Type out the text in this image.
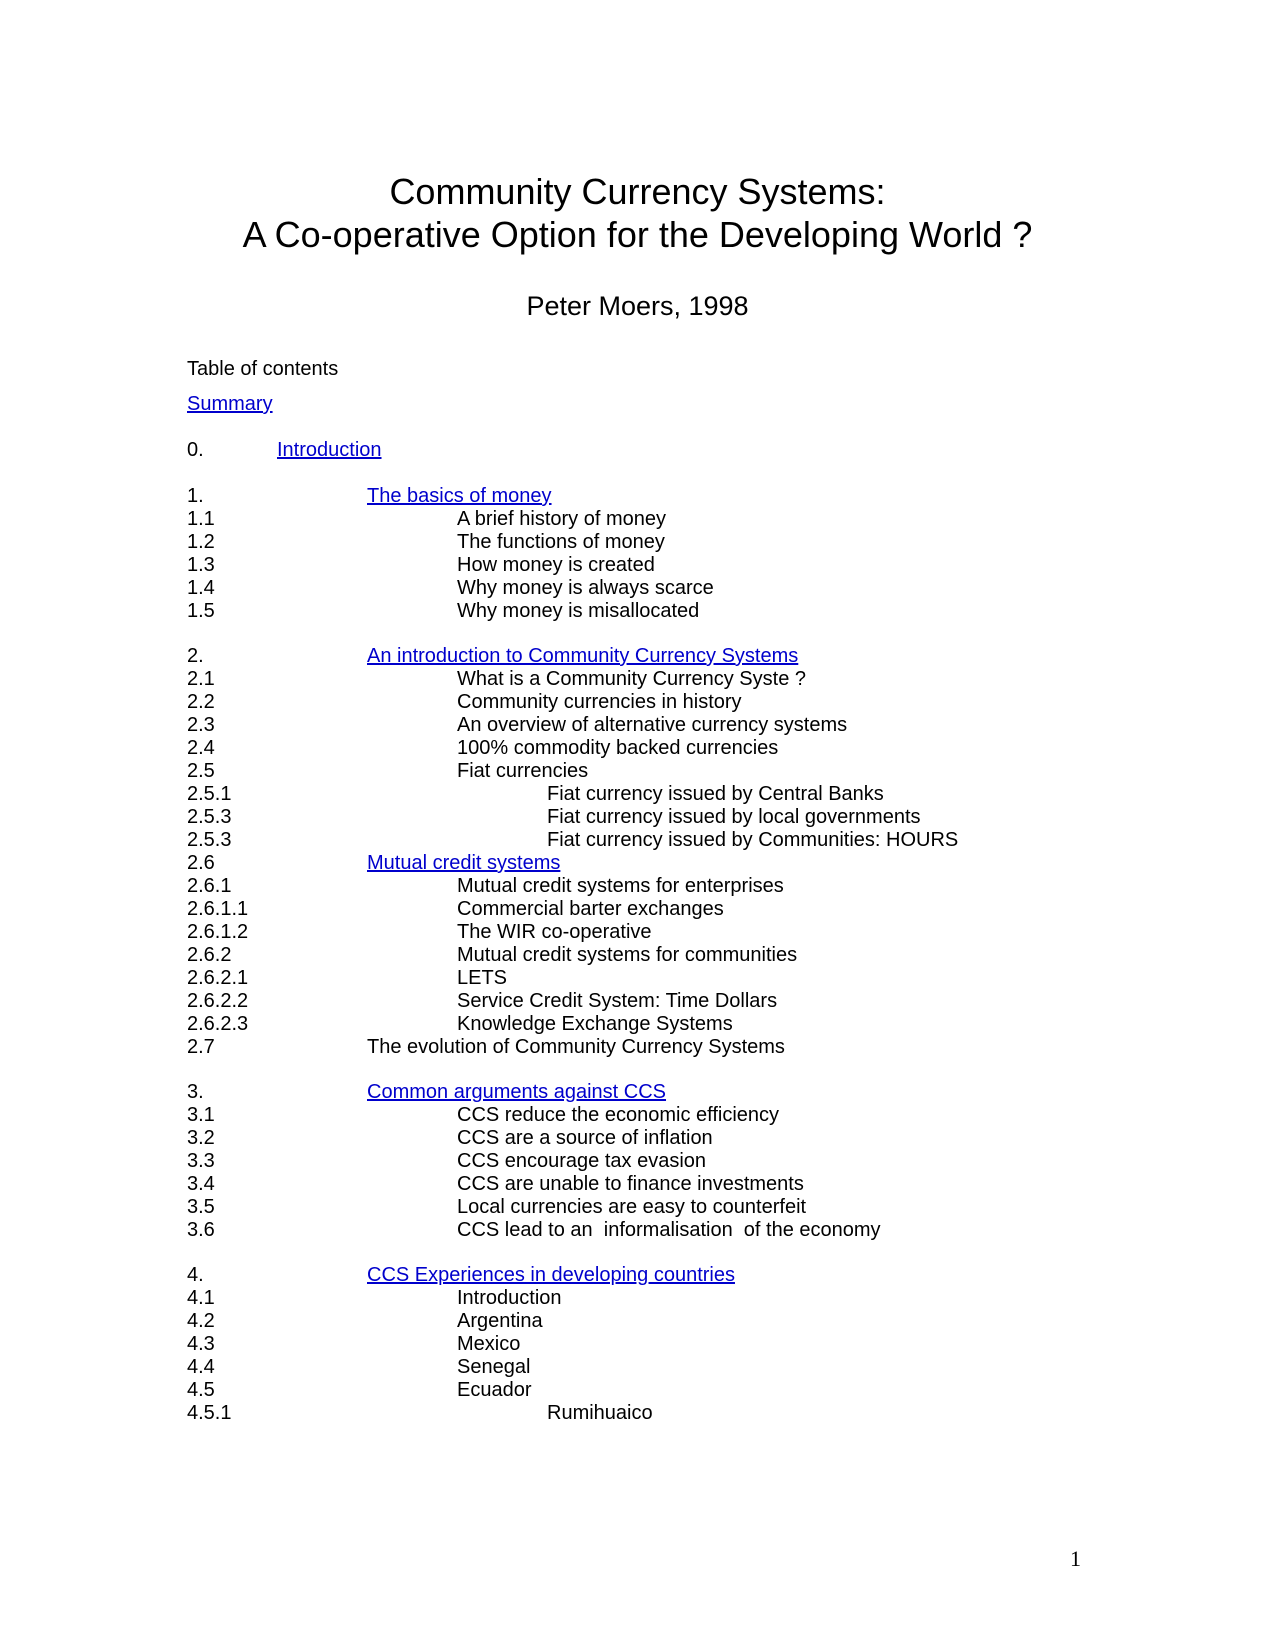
Community Currency Systems:
A Co-operative Option for the Developing World ?
Peter Moers, 1998
Table of contents
Summary
0.	Introduction
1.	The basics of money
1.1	A brief history of money
1.2	The functions of money
1.3	How money is created
1.4	Why money is always scarce
1.5	Why money is misallocated
2.	An introduction to Community Currency Systems
2.1	What is a Community Currency Syste ?
2.2	Community currencies in history
2.3	An overview of alternative currency systems
2.4	100% commodity backed currencies
2.5	Fiat currencies
2.5.1	Fiat currency issued by Central Banks
2.5.3	Fiat currency issued by local governments
2.5.3	Fiat currency issued by Communities: HOURS
2.6	Mutual credit systems
2.6.1	Mutual credit systems for enterprises
2.6.1.1	Commercial barter exchanges
2.6.1.2	The WIR co-operative
2.6.2	Mutual credit systems for communities
2.6.2.1	LETS
2.6.2.2	Service Credit System: Time Dollars
2.6.2.3	Knowledge Exchange Systems
2.7	The evolution of Community Currency Systems
3.	Common arguments against CCS
3.1	CCS reduce the economic efficiency
3.2	CCS are a source of inflation
3.3	CCS encourage tax evasion
3.4	CCS are unable to finance investments
3.5	Local currencies are easy to counterfeit
3.6	CCS lead to an  informalisation  of the economy
4.	CCS Experiences in developing countries
4.1	Introduction
4.2	Argentina
4.3	Mexico
4.4	Senegal
4.5	Ecuador
4.5.1	Rumihuaico
1
